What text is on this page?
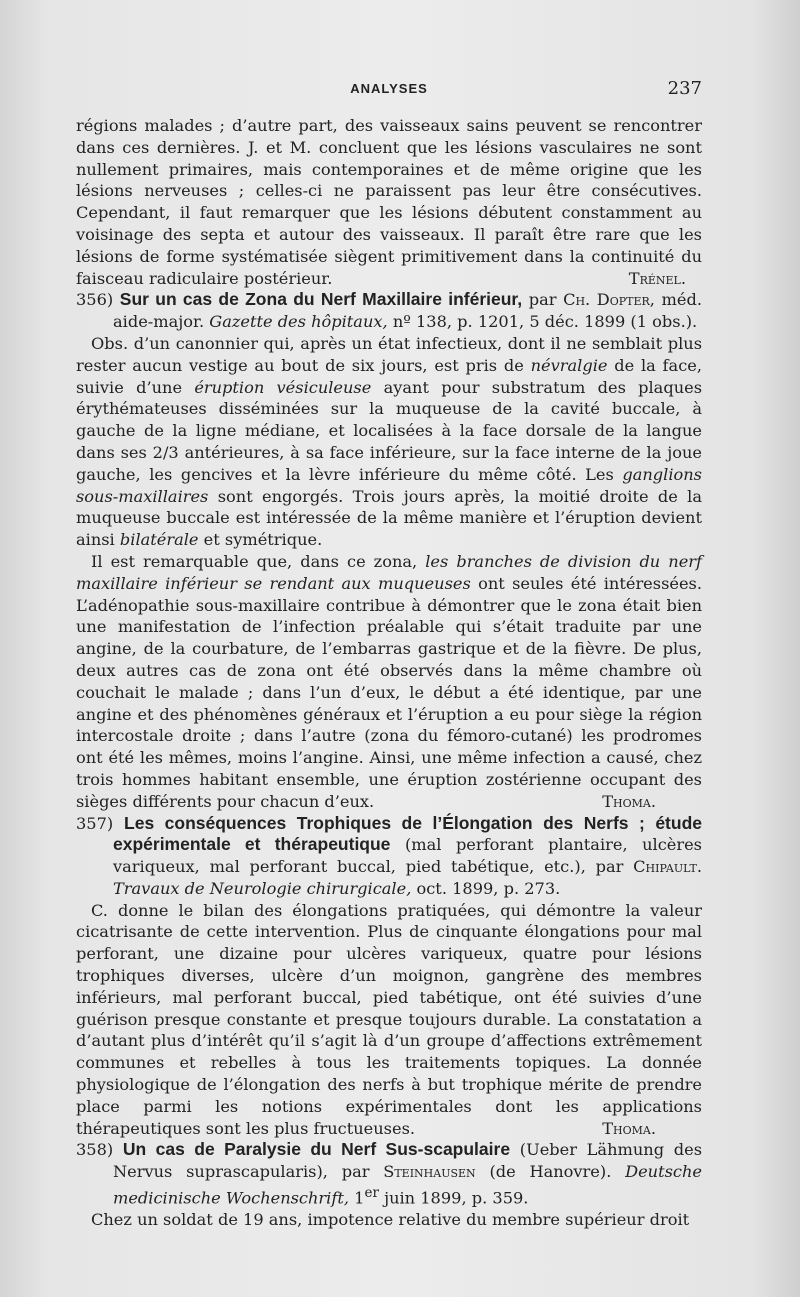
ANALYSES	237

régions malades ; d’autre part, des vaisseaux sains peuvent se rencontrer dans ces dernières. J. et M. concluent que les lésions vasculaires ne sont nullement primaires, mais contemporaines et de même origine que les lésions nerveuses ; celles-ci ne paraissent pas leur être consécutives. Cependant, il faut remarquer que les lésions débutent constamment au voisinage des septa et autour des vaisseaux. Il paraît être rare que les lésions de forme systématisée siègent primitivement dans la continuité du faisceau radiculaire postérieur.	Trénel.

356) Sur un cas de Zona du Nerf Maxillaire inférieur, par Ch. Dopter, méd. aide-major. Gazette des hôpitaux, nº 138, p. 1201, 5 déc. 1899 (1 obs.).

Obs. d’un canonnier qui, après un état infectieux, dont il ne semblait plus rester aucun vestige au bout de six jours, est pris de névralgie de la face, suivie d’une éruption vésiculeuse ayant pour substratum des plaques érythémateuses disséminées sur la muqueuse de la cavité buccale, à gauche de la ligne médiane, et localisées à la face dorsale de la langue dans ses 2/3 antérieures, à sa face inférieure, sur la face interne de la joue gauche, les gencives et la lèvre inférieure du même côté. Les ganglions sous-maxillaires sont engorgés. Trois jours après, la moitié droite de la muqueuse buccale est intéressée de la même manière et l’éruption devient ainsi bilatérale et symétrique.

Il est remarquable que, dans ce zona, les branches de division du nerf maxillaire inférieur se rendant aux muqueuses ont seules été intéressées. L’adénopathie sous-maxillaire contribue à démontrer que le zona était bien une manifestation de l’infection préalable qui s’était traduite par une angine, de la courbature, de l’embarras gastrique et de la fièvre. De plus, deux autres cas de zona ont été observés dans la même chambre où couchait le malade ; dans l’un d’eux, le début a été identique, par une angine et des phénomènes généraux et l’éruption a eu pour siège la région intercostale droite ; dans l’autre (zona du fémoro-cutané) les prodromes ont été les mêmes, moins l’angine. Ainsi, une même infection a causé, chez trois hommes habitant ensemble, une éruption zostérienne occupant des sièges différents pour chacun d’eux.	Thoma.

357) Les conséquences Trophiques de l’Élongation des Nerfs ; étude expérimentale et thérapeutique (mal perforant plantaire, ulcères variqueux, mal perforant buccal, pied tabétique, etc.), par Chipault. Travaux de Neurologie chirurgicale, oct. 1899, p. 273.

C. donne le bilan des élongations pratiquées, qui démontre la valeur cicatrisante de cette intervention. Plus de cinquante élongations pour mal perforant, une dizaine pour ulcères variqueux, quatre pour lésions trophiques diverses, ulcère d’un moignon, gangrène des membres inférieurs, mal perforant buccal, pied tabétique, ont été suivies d’une guérison presque constante et presque toujours durable. La constatation a d’autant plus d’intérêt qu’il s’agit là d’un groupe d’affections extrêmement communes et rebelles à tous les traitements topiques. La donnée physiologique de l’élongation des nerfs à but trophique mérite de prendre place parmi les notions expérimentales dont les applications thérapeutiques sont les plus fructueuses.	Thoma.

358) Un cas de Paralysie du Nerf Sus-scapulaire (Ueber Lähmung des Nervus suprascapularis), par Steinhausen (de Hanovre). Deutsche medicinische Wochenschrift, 1er juin 1899, p. 359.

Chez un soldat de 19 ans, impotence relative du membre supérieur droit
